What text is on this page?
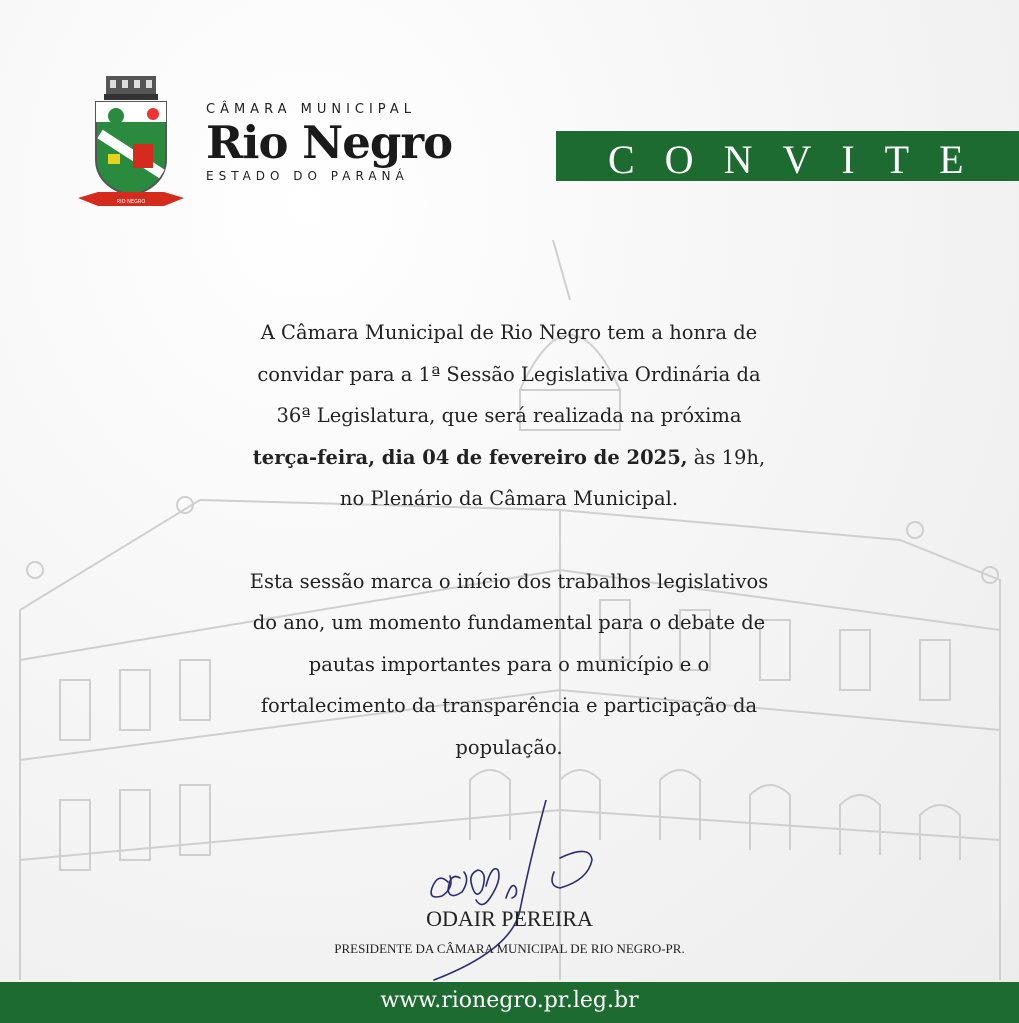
RIO NEGRO
CÂMARA MUNICIPAL
Rio Negro
ESTADO DO PARANÁ	CONVITE

A Câmara Municipal de Rio Negro tem a honra de

convidar para a 1ª Sessão Legislativa Ordinária da

36ª Legislatura, que será realizada na próxima

terça-feira, dia 04 de fevereiro de 2025, às 19h,

no Plenário da Câmara Municipal.

Esta sessão marca o início dos trabalhos legislativos

do ano, um momento fundamental para o debate de

pautas importantes para o município e o

fortalecimento da transparência e participação da

população.

ODAIR PEREIRA
PRESIDENTE DA CÂMARA MUNICIPAL DE RIO NEGRO-PR.
www.rionegro.pr.leg.br
